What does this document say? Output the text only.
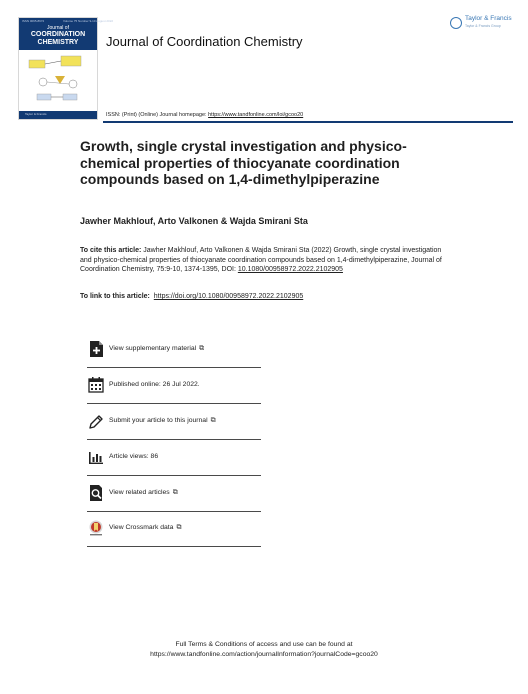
ISSN 0095-8972	Volume 75 Number 9-10 August 2022
Journal of
COORDINATION
CHEMISTRY
Taylor & Francis
Journal of Coordination Chemistry
Taylor & Francis
Taylor & Francis Group
ISSN: (Print) (Online) Journal homepage: https://www.tandfonline.com/loi/gcoo20
Growth, single crystal investigation and physico-chemical properties of thiocyanate coordination compounds based on 1,4-dimethylpiperazine
Jawher Makhlouf, Arto Valkonen & Wajda Smirani Sta
To cite this article: Jawher Makhlouf, Arto Valkonen & Wajda Smirani Sta (2022) Growth, single crystal investigation and physico-chemical properties of thiocyanate coordination compounds based on 1,4-dimethylpiperazine, Journal of Coordination Chemistry, 75:9-10, 1374-1395, DOI: 10.1080/00958972.2022.2102905
To link to this article: https://doi.org/10.1080/00958972.2022.2102905
View supplementary material ⧉
Published online: 26 Jul 2022.
Submit your article to this journal ⧉
Article views: 86
View related articles ⧉
View Crossmark data ⧉
Full Terms & Conditions of access and use can be found at
https://www.tandfonline.com/action/journalInformation?journalCode=gcoo20
